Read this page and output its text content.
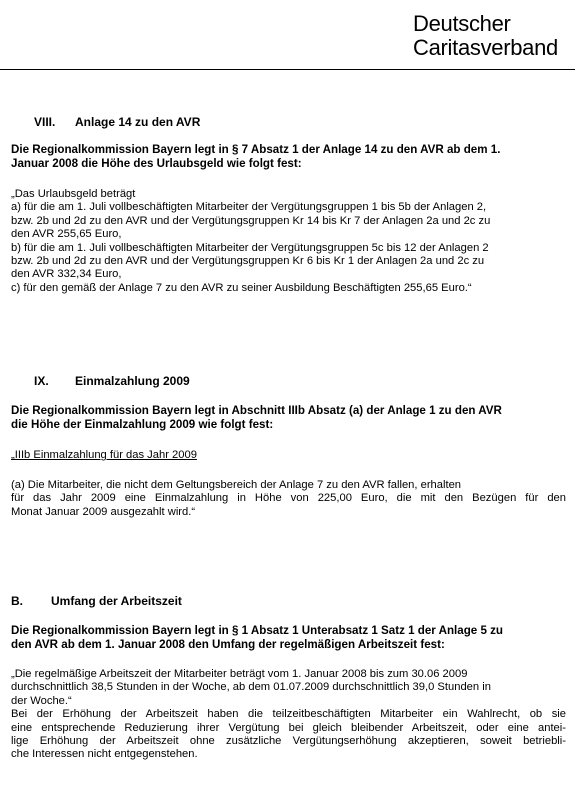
Deutscher
Caritasverband
VIII. Anlage 14 zu den AVR
Die Regionalkommission Bayern legt in § 7 Absatz 1 der Anlage 14 zu den AVR ab dem 1.
Januar 2008 die Höhe des Urlaubsgeld wie folgt fest:
„Das Urlaubsgeld beträgt
a) für die am 1. Juli vollbeschäftigten Mitarbeiter der Vergütungsgruppen 1 bis 5b der Anlagen 2,
bzw. 2b und 2d zu den AVR und der Vergütungsgruppen Kr 14 bis Kr 7 der Anlagen 2a und 2c zu
den AVR 255,65 Euro,
b) für die am 1. Juli vollbeschäftigten Mitarbeiter der Vergütungsgruppen 5c bis 12 der Anlagen 2
bzw. 2b und 2d zu den AVR und der Vergütungsgruppen Kr 6 bis Kr 1 der Anlagen 2a und 2c zu
den AVR 332,34 Euro,
c) für den gemäß der Anlage 7 zu den AVR zu seiner Ausbildung Beschäftigten 255,65 Euro.“
IX. Einmalzahlung 2009
Die Regionalkommission Bayern legt in Abschnitt IIIb Absatz (a) der Anlage 1 zu den AVR
die Höhe der Einmalzahlung 2009 wie folgt fest:
„IIIb Einmalzahlung für das Jahr 2009
(a) Die Mitarbeiter, die nicht dem Geltungsbereich der Anlage 7 zu den AVR fallen, erhalten
für das Jahr 2009 eine Einmalzahlung in Höhe von 225,00 Euro, die mit den Bezügen für den
Monat Januar 2009 ausgezahlt wird.“
B. Umfang der Arbeitszeit
Die Regionalkommission Bayern legt in § 1 Absatz 1 Unterabsatz 1 Satz 1 der Anlage 5 zu
den AVR ab dem 1. Januar 2008 den Umfang der regelmäßigen Arbeitszeit fest:
„Die regelmäßige Arbeitszeit der Mitarbeiter beträgt vom 1. Januar 2008 bis zum 30.06 2009
durchschnittlich 38,5 Stunden in der Woche, ab dem 01.07.2009 durchschnittlich 39,0 Stunden in
der Woche.“
Bei der Erhöhung der Arbeitszeit haben die teilzeitbeschäftigten Mitarbeiter ein Wahlrecht, ob sie
eine entsprechende Reduzierung ihrer Vergütung bei gleich bleibender Arbeitszeit, oder eine antei-
lige Erhöhung der Arbeitszeit ohne zusätzliche Vergütungserhöhung akzeptieren, soweit betriebli-
che Interessen nicht entgegenstehen.
